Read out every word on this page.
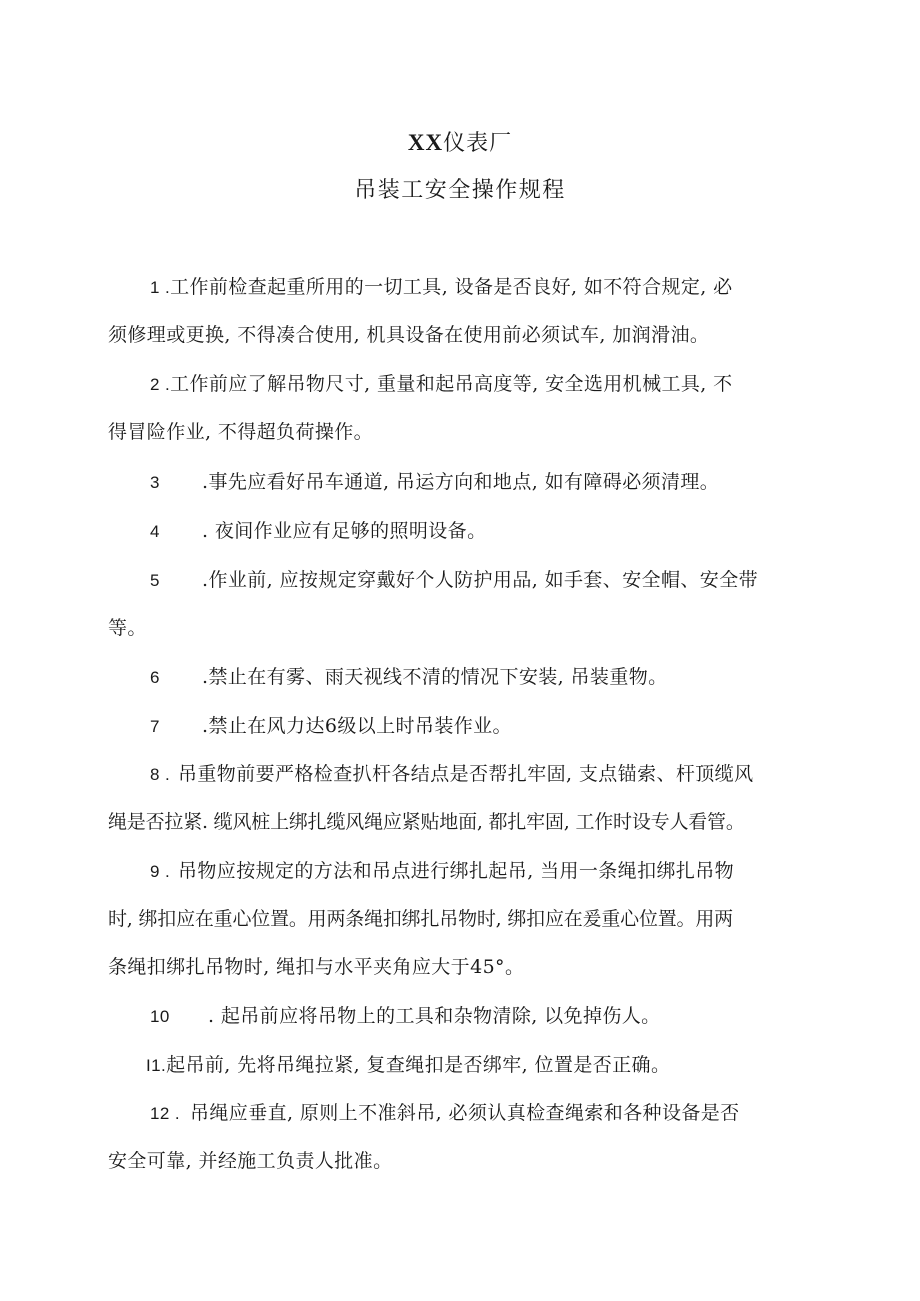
XX仪表厂
吊装工安全操作规程
1 .工作前检查起重所用的一切工具, 设备是否良好, 如不符合规定, 必
须修理或更换, 不得凑合使用, 机具设备在使用前必须试车, 加润滑油。
2 .工作前应了解吊物尺寸, 重量和起吊高度等, 安全选用机械工具, 不
得冒险作业, 不得超负荷操作。
3 .事先应看好吊车通道, 吊运方向和地点, 如有障碍必须清理。
4 . 夜间作业应有足够的照明设备。
5 .作业前, 应按规定穿戴好个人防护用品, 如手套、安全帽、安全带
等。
6 .禁止在有雾、雨天视线不清的情况下安装, 吊装重物。
7 .禁止在风力达6级以上时吊装作业。
8 . 吊重物前要严格检查扒杆各结点是否帮扎牢固, 支点锚索、杆顶缆风
绳是否拉紧. 缆风桩上绑扎缆风绳应紧贴地面, 都扎牢固, 工作时设专人看管。
9 . 吊物应按规定的方法和吊点进行绑扎起吊, 当用一条绳扣绑扎吊物
时, 绑扣应在重心位置。用两条绳扣绑扎吊物时, 绑扣应在爰重心位置。用两
条绳扣绑扎吊物时, 绳扣与水平夹角应大于45°。
10 . 起吊前应将吊物上的工具和杂物清除, 以免掉伤人。
I1.起吊前, 先将吊绳拉紧, 复查绳扣是否绑牢, 位置是否正确。
12 . 吊绳应垂直, 原则上不准斜吊, 必须认真检查绳索和各种设备是否
安全可靠, 并经施工负责人批准。
